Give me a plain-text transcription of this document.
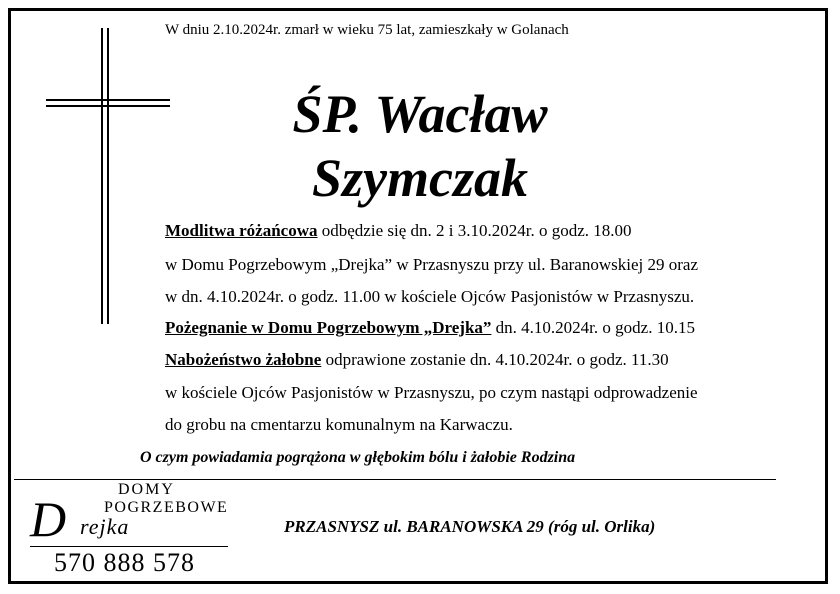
W dniu 2.10.2024r. zmarł w wieku 75 lat, zamieszkały w Golanach
ŚP. Wacław
Szymczak
Modlitwa różańcowa odbędzie się dn. 2 i 3.10.2024r. o godz. 18.00
w Domu Pogrzebowym „Drejka” w Przasnyszu przy ul. Baranowskiej 29 oraz
w dn. 4.10.2024r. o godz. 11.00 w kościele Ojców Pasjonistów w Przasnyszu.
Pożegnanie w Domu Pogrzebowym „Drejka” dn. 4.10.2024r. o godz. 10.15
Nabożeństwo żałobne odprawione zostanie dn. 4.10.2024r. o godz. 11.30
w kościele Ojców Pasjonistów w Przasnyszu, po czym nastąpi odprowadzenie
do grobu na cmentarzu komunalnym na Karwaczu.
O czym powiadamia pogrążona w głębokim bólu i żałobie Rodzina
DOMY
POGRZEBOWE
D rejka
570 888 578
PRZASNYSZ ul. BARANOWSKA 29 (róg ul. Orlika)
